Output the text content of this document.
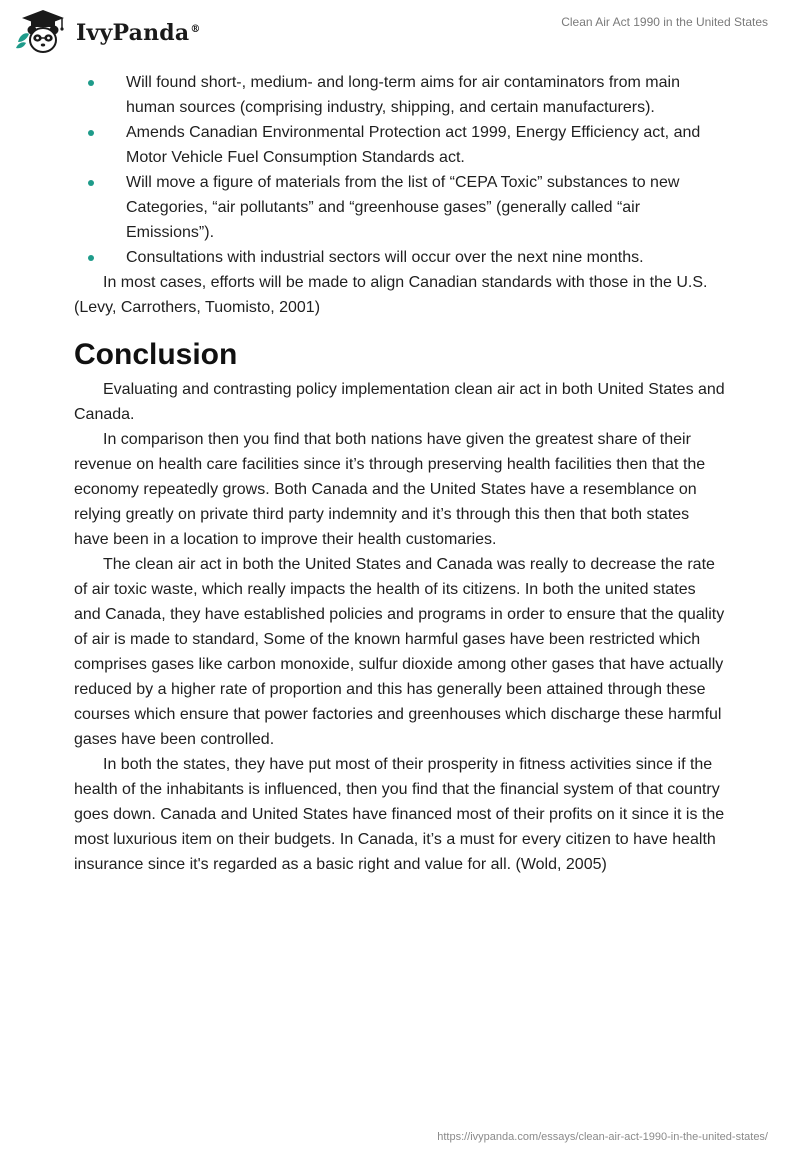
IvyPanda®
Clean Air Act 1990 in the United States
Will found short-, medium- and long-term aims for air contaminators from main human sources (comprising industry, shipping, and certain manufacturers).
Amends Canadian Environmental Protection act 1999, Energy Efficiency act, and Motor Vehicle Fuel Consumption Standards act.
Will move a figure of materials from the list of “CEPA Toxic” substances to new Categories, “air pollutants” and “greenhouse gases” (generally called “air Emissions”).
Consultations with industrial sectors will occur over the next nine months.

In most cases, efforts will be made to align Canadian standards with those in the U.S. (Levy, Carrothers, Tuomisto, 2001)

Conclusion

Evaluating and contrasting policy implementation clean air act in both United States and Canada.

In comparison then you find that both nations have given the greatest share of their revenue on health care facilities since it’s through preserving health facilities then that the economy repeatedly grows. Both Canada and the United States have a resemblance on relying greatly on private third party indemnity and it’s through this then that both states have been in a location to improve their health customaries.

The clean air act in both the United States and Canada was really to decrease the rate of air toxic waste, which really impacts the health of its citizens. In both the united states and Canada, they have established policies and programs in order to ensure that the quality of air is made to standard, Some of the known harmful gases have been restricted which comprises gases like carbon monoxide, sulfur dioxide among other gases that have actually reduced by a higher rate of proportion and this has generally been attained through these courses which ensure that power factories and greenhouses which discharge these harmful gases have been controlled.

In both the states, they have put most of their prosperity in fitness activities since if the health of the inhabitants is influenced, then you find that the financial system of that country goes down. Canada and United States have financed most of their profits on it since it is the most luxurious item on their budgets. In Canada, it’s a must for every citizen to have health insurance since it's regarded as a basic right and value for all. (Wold, 2005)

https://ivypanda.com/essays/clean-air-act-1990-in-the-united-states/
